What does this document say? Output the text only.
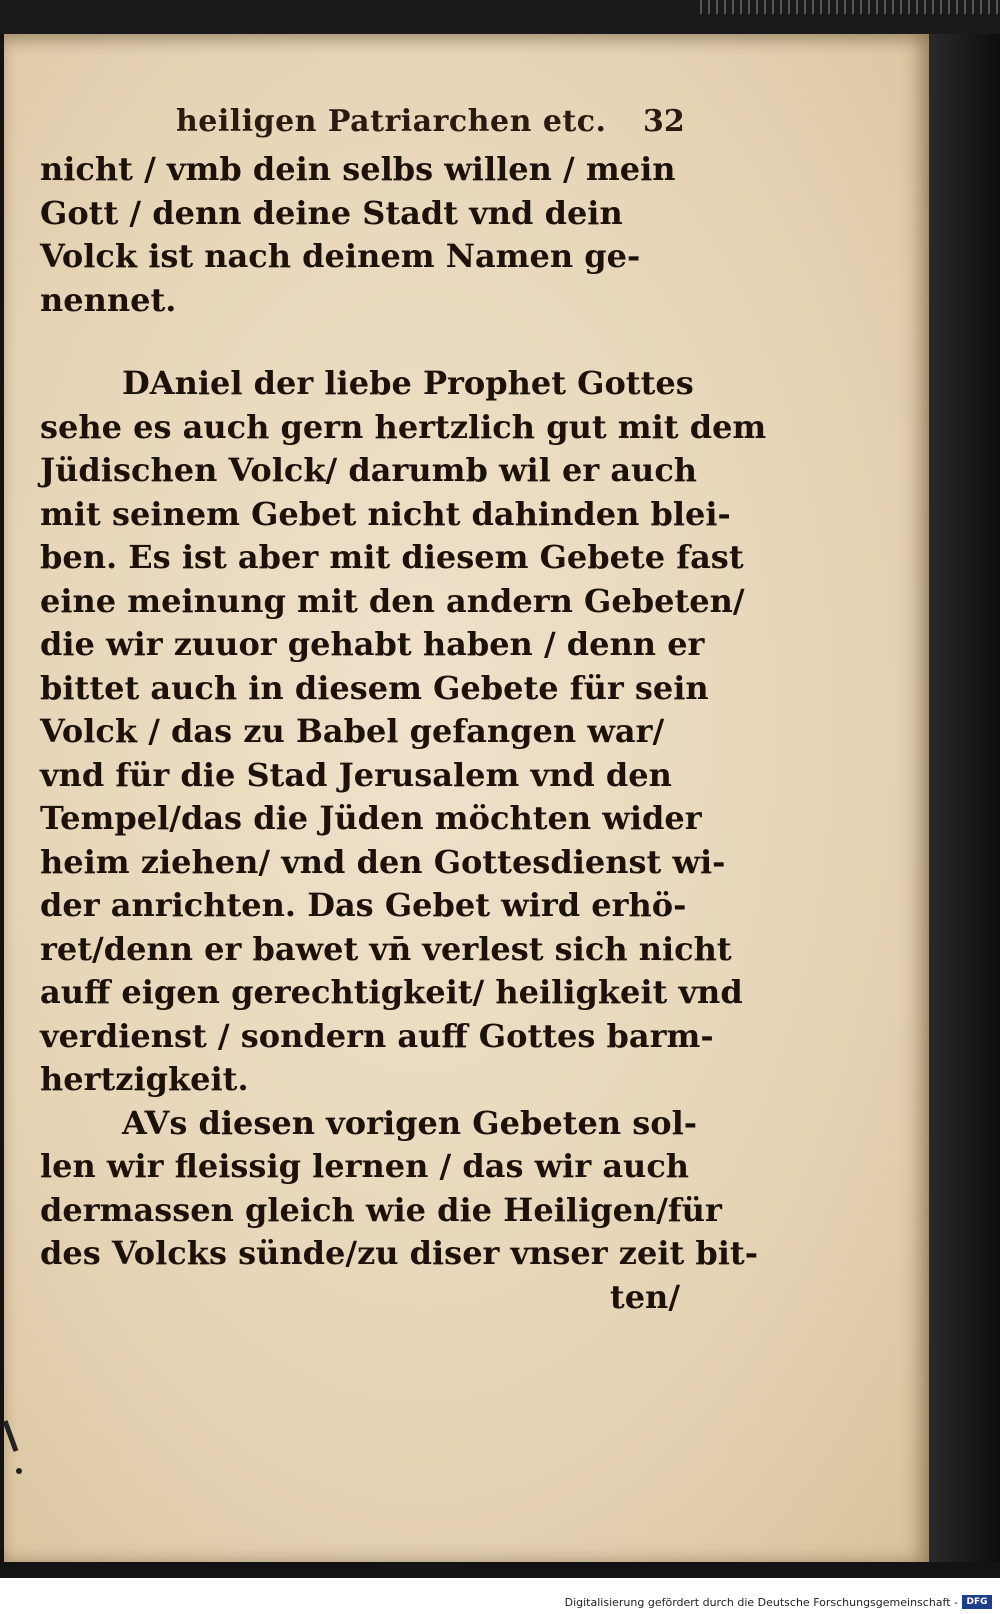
heiligen Patriarchen etc. 32
nicht / vmb dein selbs willen / mein
Gott / denn deine Stadt vnd dein
Volck ist nach deinem Namen ge-
nennet.
DAniel der liebe Prophet Gottes
sehe es auch gern hertzlich gut mit dem
Jüdischen Volck/ darumb wil er auch
mit seinem Gebet nicht dahinden blei-
ben. Es ist aber mit diesem Gebete fast
eine meinung mit den andern Gebeten/
die wir zuuor gehabt haben / denn er
bittet auch in diesem Gebete für sein
Volck / das zu Babel gefangen war/
vnd für die Stad Jerusalem vnd den
Tempel/das die Jüden möchten wider
heim ziehen/ vnd den Gottesdienst wi-
der anrichten. Das Gebet wird erhö-
ret/denn er bawet vn̄ verlest sich nicht
auff eigen gerechtigkeit/ heiligkeit vnd
verdienst / sondern auff Gottes barm-
hertzigkeit.
AVs diesen vorigen Gebeten sol-
len wir fleissig lernen / das wir auch
dermassen gleich wie die Heiligen/für
des Volcks sünde/zu diser vnser zeit bit-
ten/
Digitalisierung gefördert durch die Deutsche Forschungsgemeinschaft - DFG
